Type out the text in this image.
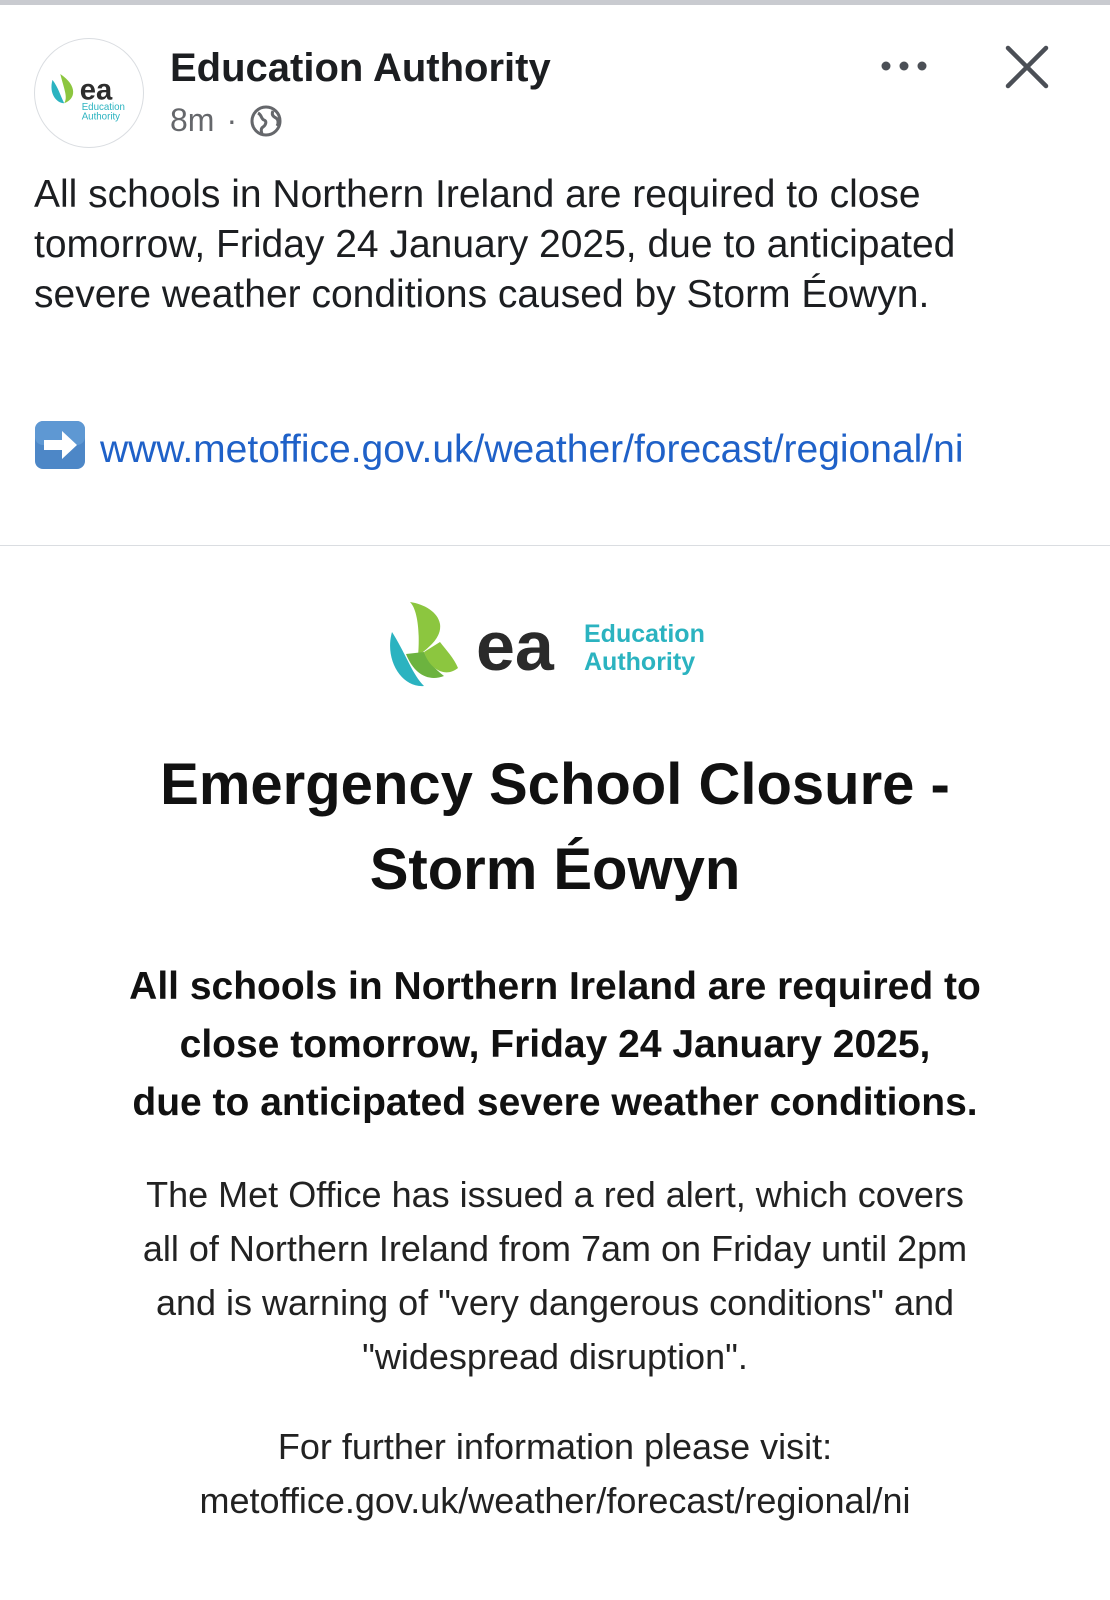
ea
Education
Authority
Education Authority
8m ·

All schools in Northern Ireland are required to close tomorrow, Friday 24 January 2025, due to anticipated severe weather conditions caused by Storm Éowyn.

www.metoffice.gov.uk/weather/forecast/regional/ni

ea Education
Authority

Emergency School Closure -
Storm Éowyn

All schools in Northern Ireland are required to
close tomorrow, Friday 24 January 2025,
due to anticipated severe weather conditions.

The Met Office has issued a red alert, which covers
all of Northern Ireland from 7am on Friday until 2pm
and is warning of "very dangerous conditions" and
"widespread disruption".

For further information please visit:
metoffice.gov.uk/weather/forecast/regional/ni
